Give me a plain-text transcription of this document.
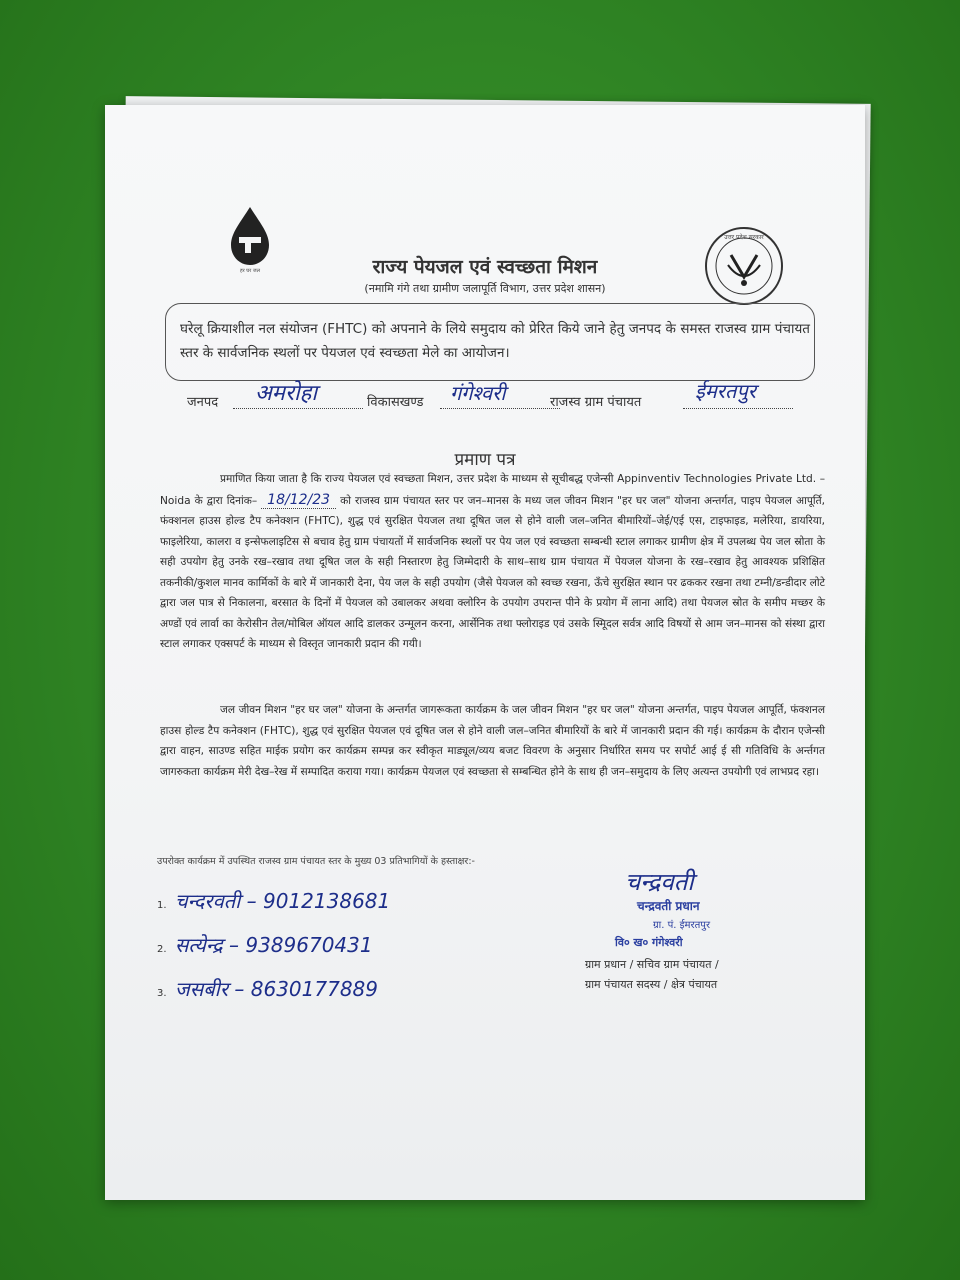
हर घर जल
उत्तर प्रदेश सरकार
राज्य पेयजल एवं स्वच्छता मिशन
(नमामि गंगे तथा ग्रामीण जलापूर्ति विभाग, उत्तर प्रदेश शासन)
घरेलू क्रियाशील नल संयोजन (FHTC) को अपनाने के लिये समुदाय को प्रेरित किये जाने हेतु जनपद के समस्त राजस्व ग्राम पंचायत स्तर के सार्वजनिक स्थलों पर पेयजल एवं स्वच्छता मेले का आयोजन।
जनपद अमरोहा	विकासखण्ड गंगेश्वरी	राजस्व ग्राम पंचायत	ईमरतपुर
प्रमाण पत्र
प्रमाणित किया जाता है कि राज्य पेयजल एवं स्वच्छता मिशन, उत्तर प्रदेश के माध्यम से सूचीबद्ध एजेन्सी Appinventiv Technologies Private Ltd. – Noida के द्वारा दिनांक– 18/12/23 को राजस्व ग्राम पंचायत स्तर पर जन–मानस के मध्य जल जीवन मिशन "हर घर जल" योजना अन्तर्गत, पाइप पेयजल आपूर्ति, फंक्शनल हाउस होल्ड टैप कनेक्शन (FHTC), शुद्ध एवं सुरक्षित पेयजल तथा दूषित जल से होने वाली जल–जनित बीमारियों–जेई/एई एस, टाइफाइड, मलेरिया, डायरिया, फाइलेरिया, कालरा व इन्सेफलाइटिस से बचाव हेतु ग्राम पंचायतों में सार्वजनिक स्थलों पर पेय जल एवं स्वच्छता सम्बन्धी स्टाल लगाकर ग्रामीण क्षेत्र में उपलब्ध पेय जल स्रोता के सही उपयोग हेतु उनके रख–रखाव तथा दूषित जल के सही निस्तारण हेतु जिम्मेदारी के साथ–साथ ग्राम पंचायत में पेयजल योजना के रख–रखाव हेतु आवश्यक प्रशिक्षित तकनीकी/कुशल मानव कार्मिकों के बारे में जानकारी देना, पेय जल के सही उपयोग (जैसे पेयजल को स्वच्छ रखना, ऊँचे सुरक्षित स्थान पर ढककर रखना तथा टम्नी/डन्डीदार लोटे द्वारा जल पात्र से निकालना, बरसात के दिनों में पेयजल को उबालकर अथवा क्लोरिन के उपयोग उपरान्त पीने के प्रयोग में लाना आदि) तथा पेयजल स्रोत के समीप मच्छर के अण्डों एवं लार्वा का केरोसीन तेल/मोबिल ऑयल आदि डालकर उन्मूलन करना, आर्सेनिक तथा फ्लोराइड एवं उसके स्मिूदल सर्वत्र आदि विषयों से आम जन–मानस को संस्था द्वारा स्टाल लगाकर एक्सपर्ट के माध्यम से विस्तृत जानकारी प्रदान की गयी।
जल जीवन मिशन "हर घर जल" योजना के अन्तर्गत जागरूकता कार्यक्रम के जल जीवन मिशन "हर घर जल" योजना अन्तर्गत, पाइप पेयजल आपूर्ति, फंक्शनल हाउस होल्ड टैप कनेक्शन (FHTC), शुद्ध एवं सुरक्षित पेयजल एवं दूषित जल से होने वाली जल–जनित बीमारियों के बारे में जानकारी प्रदान की गई। कार्यक्रम के दौरान एजेन्सी द्वारा वाहन, साउण्ड सहित माईक प्रयोग कर कार्यक्रम सम्पन्न कर स्वीकृत माड्यूल/व्यय बजट विवरण के अनुसार निर्धारित समय पर सपोर्ट आई ई सी गतिविधि के अर्न्तगत जागरुकता कार्यक्रम मेरी देख–रेख में सम्पादित कराया गया। कार्यक्रम पेयजल एवं स्वच्छता से सम्बन्धित होने के साथ ही जन–समुदाय के लिए अत्यन्त उपयोगी एवं लाभप्रद रहा।
उपरोक्त कार्यक्रम में उपस्थित राजस्व ग्राम पंचायत स्तर के मुख्य 03 प्रतिभागियों के हस्ताक्षर:-
1. चन्दरवती – 9012138681
2. सत्येन्द्र – 9389670431
3. जसबीर – 8630177889
चन्द्रवती
चन्द्रवती प्रधान
ग्रा. पं. ईमरतपुर
वि० ख० गंगेश्वरी
ग्राम प्रधान / सचिव ग्राम पंचायत /
ग्राम पंचायत सदस्य / क्षेत्र पंचायत
